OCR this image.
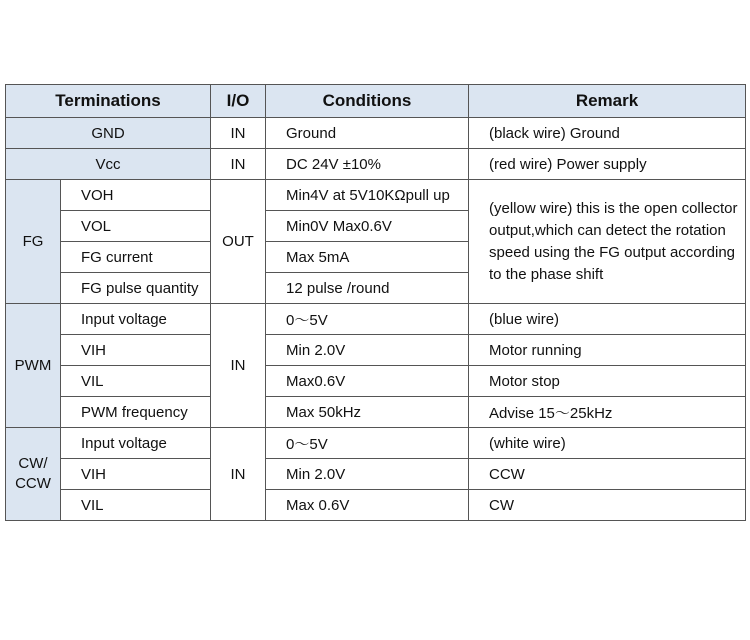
Terminations		I/O	Conditions	Remark
GND		IN	Ground	(black wire) Ground
Vcc		IN	DC 24V ±10%	(red wire) Power supply
FG	VOH	OUT	Min4V at 5V10KΩpull up	(yellow wire) this is the open collector output,which can detect the rotation speed using the FG output according to the phase shift
	VOL		Min0V Max0.6V	
	FG current		Max 5mA	
	FG pulse quantity		12 pulse /round	
PWM	Input voltage	IN	0～5V	(blue wire)
	VIH		Min 2.0V	Motor running
	VIL		Max0.6V	Motor stop
	PWM frequency		Max 50kHz	Advise 15～25kHz

CW/
CCW	Input voltage	IN	0～5V	(white wire)
	VIH		Min 2.0V	CCW
	VIL		Max 0.6V	CW
